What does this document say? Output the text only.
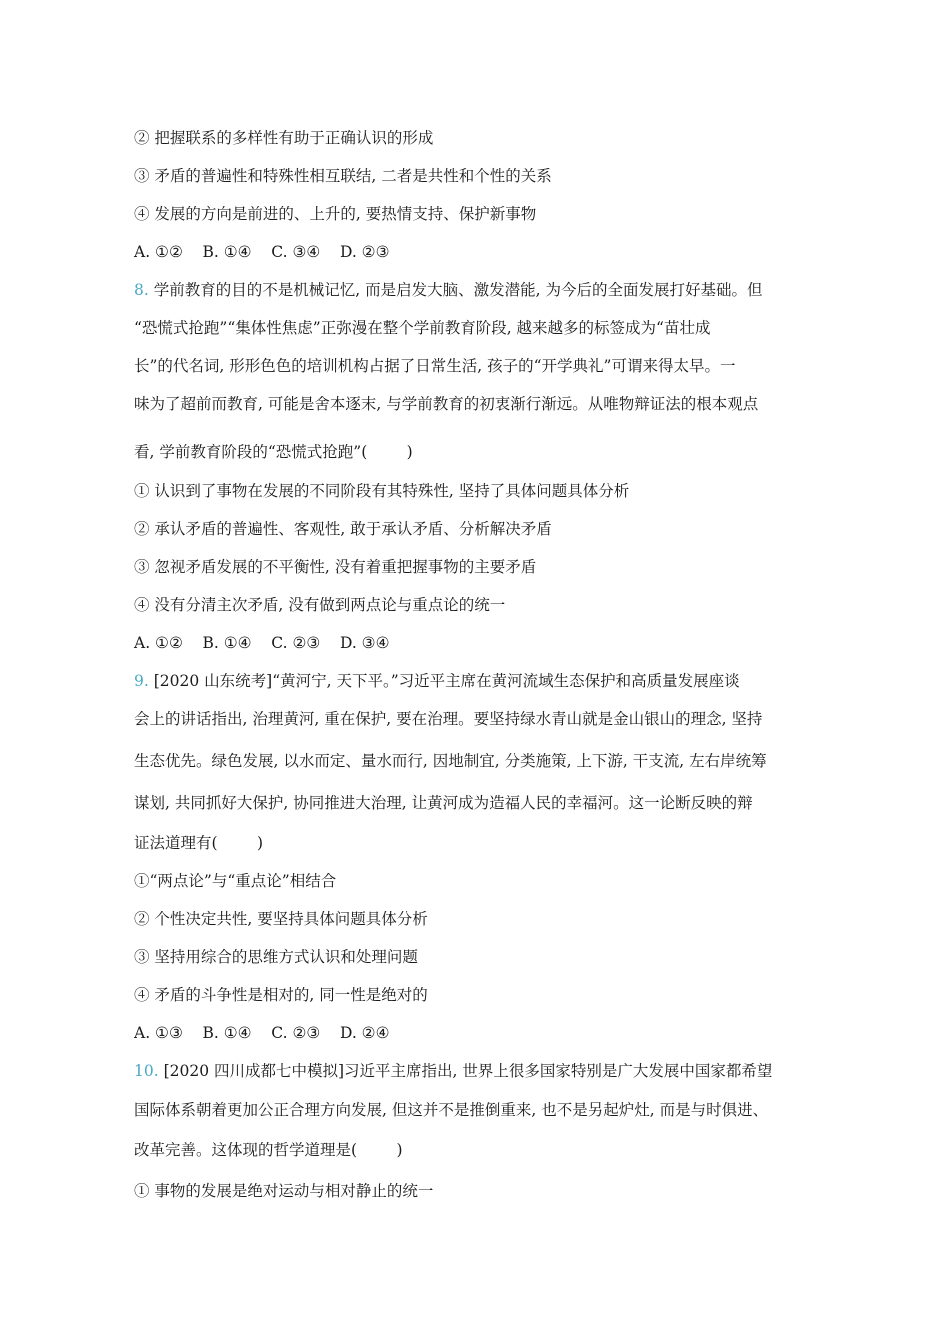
② 把握联系的多样性有助于正确认识的形成
③ 矛盾的普遍性和特殊性相互联结, 二者是共性和个性的关系
④ 发展的方向是前进的、上升的, 要热情支持、保护新事物
A. ①②    B. ①④    C. ③④    D. ②③
8. 学前教育的目的不是机械记忆, 而是启发大脑、激发潜能, 为今后的全面发展打好基础。但
“恐慌式抢跑”“集体性焦虑”正弥漫在整个学前教育阶段, 越来越多的标签成为“苗壮成
长”的代名词, 形形色色的培训机构占据了日常生活, 孩子的“开学典礼”可谓来得太早。一
味为了超前而教育, 可能是舍本逐末, 与学前教育的初衷渐行渐远。从唯物辩证法的根本观点
看, 学前教育阶段的“恐慌式抢跑”(        )
① 认识到了事物在发展的不同阶段有其特殊性, 坚持了具体问题具体分析
② 承认矛盾的普遍性、客观性, 敢于承认矛盾、分析解决矛盾
③ 忽视矛盾发展的不平衡性, 没有着重把握事物的主要矛盾
④ 没有分清主次矛盾, 没有做到两点论与重点论的统一
A. ①②    B. ①④    C. ②③    D. ③④
9. [2020 山东统考]“黄河宁, 天下平。”习近平主席在黄河流域生态保护和高质量发展座谈
会上的讲话指出, 治理黄河, 重在保护, 要在治理。要坚持绿水青山就是金山银山的理念, 坚持
生态优先。绿色发展, 以水而定、量水而行, 因地制宜, 分类施策, 上下游, 干支流, 左右岸统筹
谋划, 共同抓好大保护, 协同推进大治理, 让黄河成为造福人民的幸福河。这一论断反映的辩
证法道理有(        )
①“两点论”与“重点论”相结合
② 个性决定共性, 要坚持具体问题具体分析
③ 坚持用综合的思维方式认识和处理问题
④ 矛盾的斗争性是相对的, 同一性是绝对的
A. ①③    B. ①④    C. ②③    D. ②④
10. [2020 四川成都七中模拟]习近平主席指出, 世界上很多国家特别是广大发展中国家都希望
国际体系朝着更加公正合理方向发展, 但这并不是推倒重来, 也不是另起炉灶, 而是与时俱进、
改革完善。这体现的哲学道理是(        )
① 事物的发展是绝对运动与相对静止的统一
